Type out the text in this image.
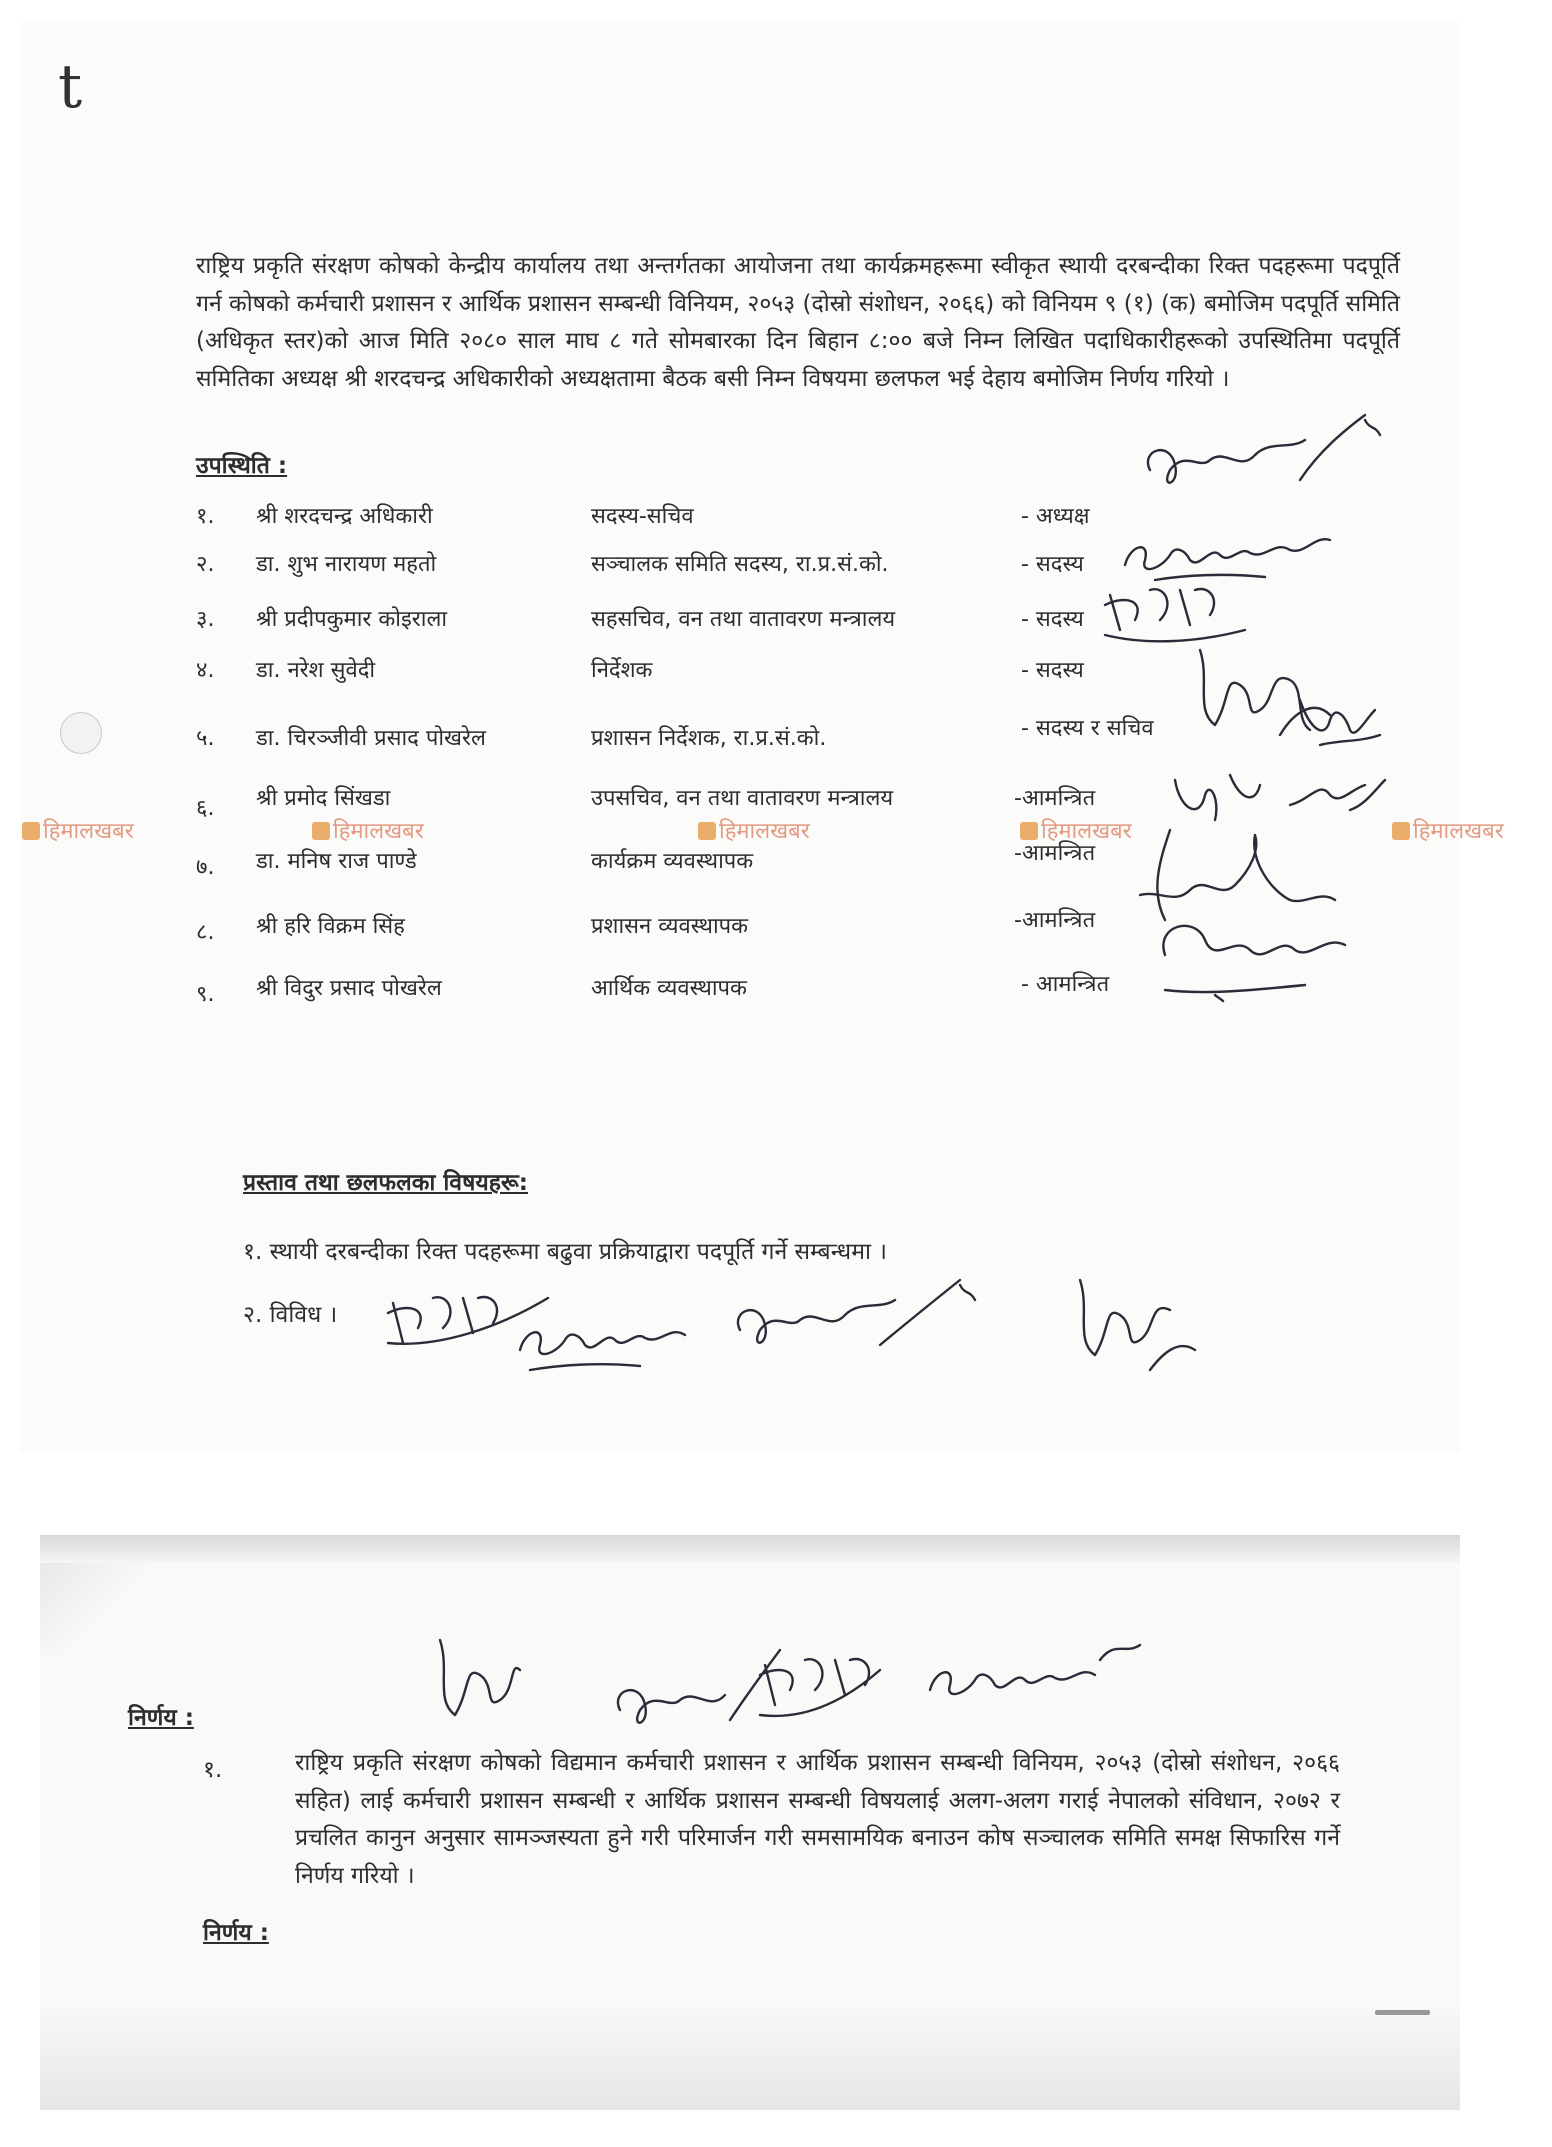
t
राष्ट्रिय प्रकृति संरक्षण कोषको केन्द्रीय कार्यालय तथा अन्तर्गतका आयोजना तथा कार्यक्रमहरूमा स्वीकृत स्थायी दरबन्दीका रिक्त पदहरूमा पदपूर्ति गर्न कोषको कर्मचारी प्रशासन र आर्थिक प्रशासन सम्बन्धी विनियम, २०५३ (दोस्रो संशोधन, २०६६) को विनियम ९ (१) (क) बमोजिम पदपूर्ति समिति (अधिकृत स्तर)को आज मिति २०८० साल माघ ८ गते सोमबारका दिन बिहान ८:०० बजे निम्न लिखित पदाधिकारीहरूको उपस्थितिमा पदपूर्ति समितिका अध्यक्ष श्री शरदचन्द्र अधिकारीको अध्यक्षतामा बैठक बसी निम्न विषयमा छलफल भई देहाय बमोजिम निर्णय गरियो ।
उपस्थिति :
१. श्री शरदचन्द्र अधिकारी	सदस्य-सचिव	- अध्यक्ष
२. डा. शुभ नारायण महतो	सञ्चालक समिति सदस्य, रा.प्र.सं.को.	- सदस्य
३. श्री प्रदीपकुमार कोइराला	सहसचिव, वन तथा वातावरण मन्त्रालय	- सदस्य
४. डा. नरेश सुवेदी	निर्देशक	- सदस्य
५. डा. चिरञ्जीवी प्रसाद पोखरेल	प्रशासन निर्देशक, रा.प्र.सं.को.	- सदस्य र सचिव
६. श्री प्रमोद सिंखडा	उपसचिव, वन तथा वातावरण मन्त्रालय	-आमन्त्रित
७. डा. मनिष राज पाण्डे	कार्यक्रम व्यवस्थापक	-आमन्त्रित
८. श्री हरि विक्रम सिंह	प्रशासन व्यवस्थापक	-आमन्त्रित
९. श्री विदुर प्रसाद पोखरेल	आर्थिक व्यवस्थापक	- आमन्त्रित
हिमालखबर	हिमालखबर	हिमालखबर	हिमालखबर	हिमालखबर
प्रस्ताव तथा छलफलका विषयहरू:
१. स्थायी दरबन्दीका रिक्त पदहरूमा बढुवा प्रक्रियाद्वारा पदपूर्ति गर्ने सम्बन्धमा ।
२. विविध ।
निर्णय :
१.	राष्ट्रिय प्रकृति संरक्षण कोषको विद्यमान कर्मचारी प्रशासन र आर्थिक प्रशासन सम्बन्धी विनियम, २०५३ (दोस्रो संशोधन, २०६६ सहित) लाई कर्मचारी प्रशासन सम्बन्धी र आर्थिक प्रशासन सम्बन्धी विषयलाई अलग-अलग गराई नेपालको संविधान, २०७२ र प्रचलित कानुन अनुसार सामञ्जस्यता हुने गरी परिमार्जन गरी समसामयिक बनाउन कोष सञ्चालक समिति समक्ष सिफारिस गर्ने निर्णय गरियो ।
निर्णय :
